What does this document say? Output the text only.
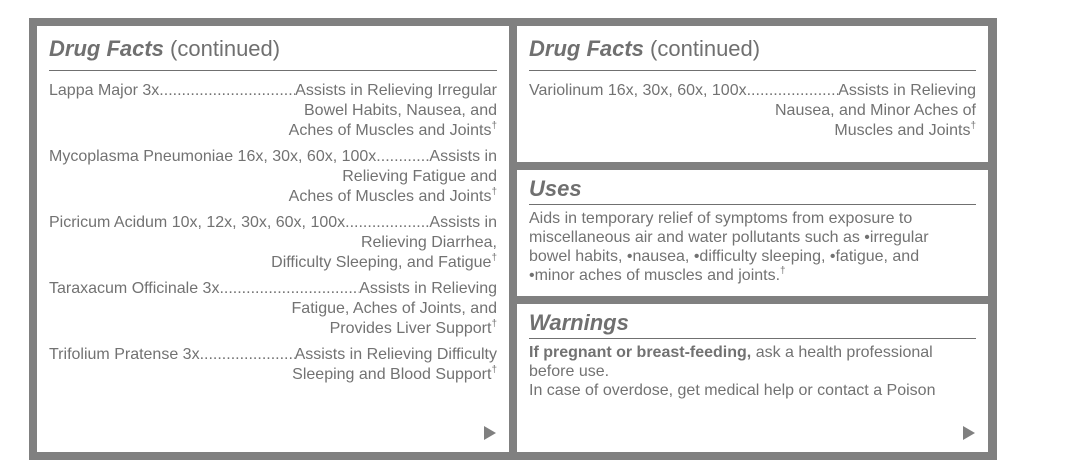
Drug Facts (continued)
Lappa Major 3x .....	Assists in Relieving Irregular
Bowel Habits, Nausea, and
Aches of Muscles and Joints†
Mycoplasma Pneumoniae 16x, 30x, 60x, 100x .....	Assists in
Relieving Fatigue and
Aches of Muscles and Joints†
Picricum Acidum 10x, 12x, 30x, 60x, 100x .....	Assists in
Relieving Diarrhea,
Difficulty Sleeping, and Fatigue†
Taraxacum Officinale 3x. .....	Assists in Relieving
Fatigue, Aches of Joints, and
Provides Liver Support†
Trifolium Pratense 3x .....	Assists in Relieving Difficulty
Sleeping and Blood Support†
Drug Facts (continued)
Variolinum 16x, 30x, 60x, 100x .....	Assists in Relieving
Nausea, and Minor Aches of
Muscles and Joints†
Uses
Aids in temporary relief of symptoms from exposure to
miscellaneous air and water pollutants such as •irregular
bowel habits, •nausea, •difficulty sleeping, •fatigue, and
•minor aches of muscles and joints.†
Warnings
If pregnant or breast-feeding, ask a health professional
before use.
In case of overdose, get medical help or contact a Poison
